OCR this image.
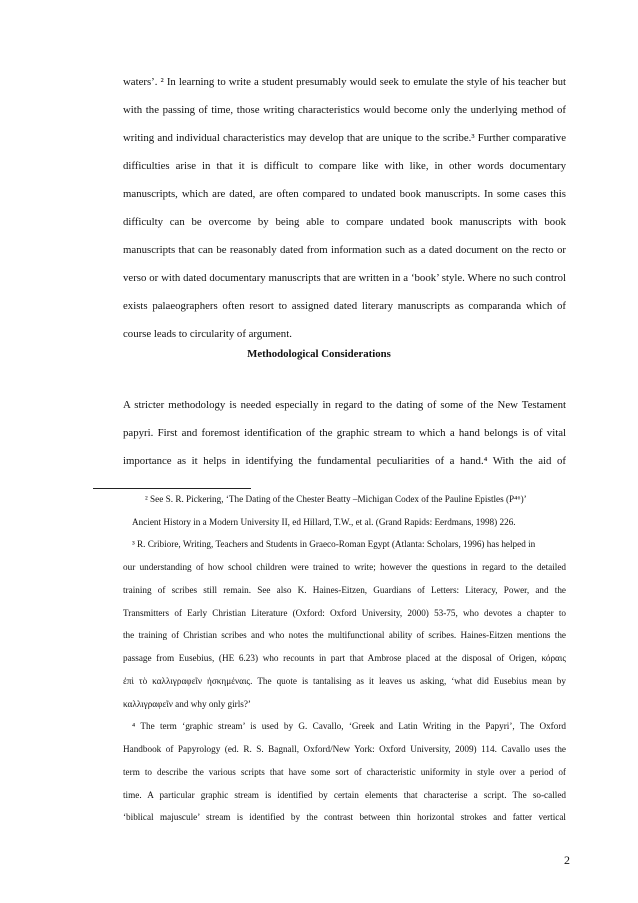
waters’. ² In learning to write a student presumably would seek to emulate the style of his teacher but
with the passing of time, those writing characteristics would become only the underlying method of
writing and individual characteristics may develop that are unique to the scribe.³ Further comparative
difficulties arise in that it is difficult to compare like with like, in other words documentary
manuscripts, which are dated, are often compared to undated book manuscripts. In some cases this
difficulty can be overcome by being able to compare undated book manuscripts with book
manuscripts that can be reasonably dated from information such as a dated document on the recto or
verso or with dated documentary manuscripts that are written in a ‘book’ style. Where no such control
exists palaeographers often resort to assigned dated literary manuscripts as comparanda which of
course leads to circularity of argument.
Methodological Considerations
A stricter methodology is needed especially in regard to the dating of some of the New Testament
papyri. First and foremost identification of the graphic stream to which a hand belongs is of vital
importance as it helps in identifying the fundamental peculiarities of a hand.⁴ With the aid of
² See S. R. Pickering, ‘The Dating of the Chester Beatty –Michigan Codex of the Pauline Epistles (P⁴⁶)’
Ancient History in a Modern University II, ed Hillard, T.W., et al. (Grand Rapids: Eerdmans, 1998) 226.
³ R. Cribiore, Writing, Teachers and Students in Graeco-Roman Egypt (Atlanta: Scholars, 1996) has helped in
our understanding of how school children were trained to write; however the questions in regard to the detailed
training of scribes still remain. See also K. Haines-Eitzen, Guardians of Letters: Literacy, Power, and the
Transmitters of Early Christian Literature (Oxford: Oxford University, 2000) 53-75, who devotes a chapter to
the training of Christian scribes and who notes the multifunctional ability of scribes. Haines-Eitzen mentions the
passage from Eusebius, (HE 6.23) who recounts in part that Ambrose placed at the disposal of Origen, κόραις
ἐπὶ τὸ καλλιγραφεῖν ἠσκημέναις. The quote is tantalising as it leaves us asking, ‘what did Eusebius mean by
καλλιγραφεῖν and why only girls?’
⁴ The term ‘graphic stream’ is used by G. Cavallo, ‘Greek and Latin Writing in the Papyri’, The Oxford
Handbook of Papyrology (ed. R. S. Bagnall, Oxford/New York: Oxford University, 2009) 114. Cavallo uses the
term to describe the various scripts that have some sort of characteristic uniformity in style over a period of
time. A particular graphic stream is identified by certain elements that characterise a script. The so-called
‘biblical majuscule’ stream is identified by the contrast between thin horizontal strokes and fatter vertical
2
